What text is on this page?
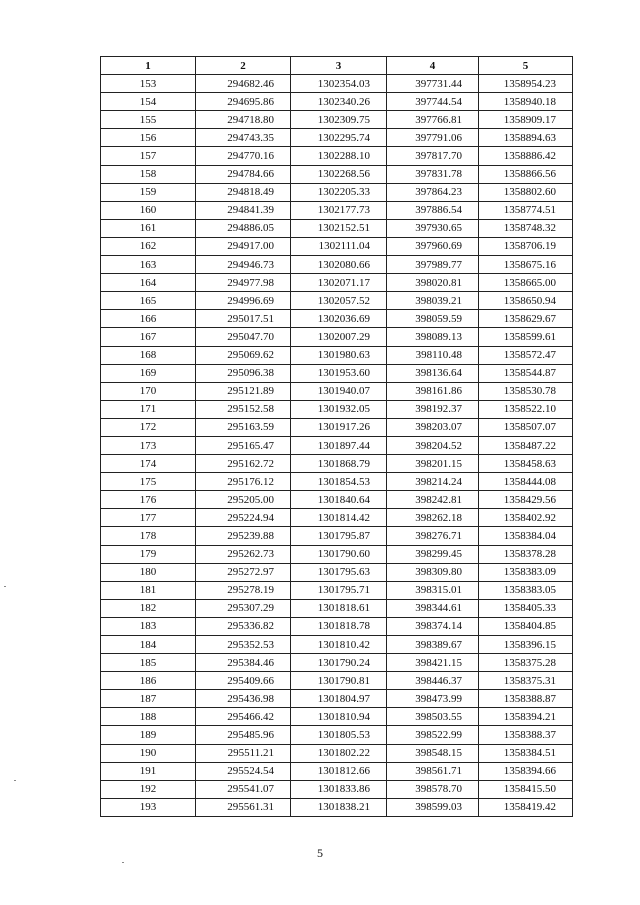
1	2	3	4	5
153	294682.46	1302354.03	397731.44	1358954.23
154	294695.86	1302340.26	397744.54	1358940.18
155	294718.80	1302309.75	397766.81	1358909.17
156	294743.35	1302295.74	397791.06	1358894.63
157	294770.16	1302288.10	397817.70	1358886.42
158	294784.66	1302268.56	397831.78	1358866.56
159	294818.49	1302205.33	397864.23	1358802.60
160	294841.39	1302177.73	397886.54	1358774.51
161	294886.05	1302152.51	397930.65	1358748.32
162	294917.00	1302111.04	397960.69	1358706.19
163	294946.73	1302080.66	397989.77	1358675.16
164	294977.98	1302071.17	398020.81	1358665.00
165	294996.69	1302057.52	398039.21	1358650.94
166	295017.51	1302036.69	398059.59	1358629.67
167	295047.70	1302007.29	398089.13	1358599.61
168	295069.62	1301980.63	398110.48	1358572.47
169	295096.38	1301953.60	398136.64	1358544.87
170	295121.89	1301940.07	398161.86	1358530.78
171	295152.58	1301932.05	398192.37	1358522.10
172	295163.59	1301917.26	398203.07	1358507.07
173	295165.47	1301897.44	398204.52	1358487.22
174	295162.72	1301868.79	398201.15	1358458.63
175	295176.12	1301854.53	398214.24	1358444.08
176	295205.00	1301840.64	398242.81	1358429.56
177	295224.94	1301814.42	398262.18	1358402.92
178	295239.88	1301795.87	398276.71	1358384.04
179	295262.73	1301790.60	398299.45	1358378.28
180	295272.97	1301795.63	398309.80	1358383.09
181	295278.19	1301795.71	398315.01	1358383.05
182	295307.29	1301818.61	398344.61	1358405.33
183	295336.82	1301818.78	398374.14	1358404.85
184	295352.53	1301810.42	398389.67	1358396.15
185	295384.46	1301790.24	398421.15	1358375.28
186	295409.66	1301790.81	398446.37	1358375.31
187	295436.98	1301804.97	398473.99	1358388.87
188	295466.42	1301810.94	398503.55	1358394.21
189	295485.96	1301805.53	398522.99	1358388.37
190	295511.21	1301802.22	398548.15	1358384.51
191	295524.54	1301812.66	398561.71	1358394.66
192	295541.07	1301833.86	398578.70	1358415.50
193	295561.31	1301838.21	398599.03	1358419.42
5
